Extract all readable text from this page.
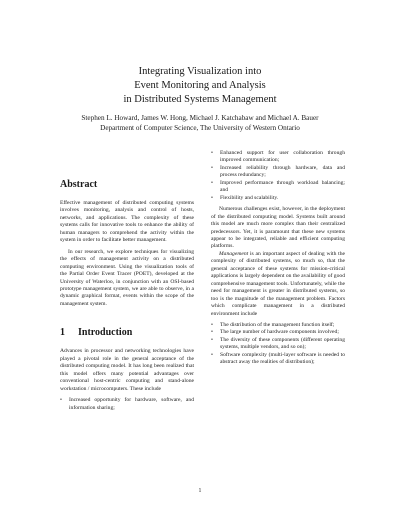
Integrating Visualization into
Event Monitoring and Analysis
in Distributed Systems Management
Stephen L. Howard, James W. Hong, Michael J. Katchabaw and Michael A. Bauer
Department of Computer Science, The University of Western Ontario
Abstract

Effective management of distributed computing systems involves monitoring, analysis and control of hosts, networks, and applications. The complexity of these systems calls for innovative tools to enhance the ability of human managers to comprehend the activity within the system in order to facilitate better management.

In our research, we explore techniques for visualizing the effects of management activity on a distributed computing environment. Using the visualization tools of the Partial Order Event Tracer (POET), developed at the University of Waterloo, in conjunction with an OSI-based prototype management system, we are able to observe, in a dynamic graphical format, events within the scope of the management system.

1 Introduction

Advances in processor and networking technologies have played a pivotal role in the general acceptance of the distributed computing model. It has long been realized that this model offers many potential advantages over conventional host-centric computing and stand-alone workstation / microcomputers. These include

• Increased opportunity for hardware, software, and information sharing;
• Enhanced support for user collaboration through improved communication;
• Increased reliability through hardware, data and process redundancy;
• Improved performance through workload balancing; and
• Flexibility and scalability.

Numerous challenges exist, however, in the deployment of the distributed computing model. Systems built around this model are much more complex than their centralized predecessors. Yet, it is paramount that these new systems appear to be integrated, reliable and efficient computing platforms.

Management is an important aspect of dealing with the complexity of distributed systems, so much so, that the general acceptance of these systems for mission-critical applications is largely dependent on the availability of good comprehensive management tools. Unfortunately, while the need for management is greater in distributed systems, so too is the magnitude of the management problem. Factors which complicate management in a distributed environment include

• The distribution of the management function itself;
• The large number of hardware components involved;
• The diversity of these components (different operating systems, multiple vendors, and so on);
• Software complexity (multi-layer software is needed to abstract away the realities of distribution);
1
